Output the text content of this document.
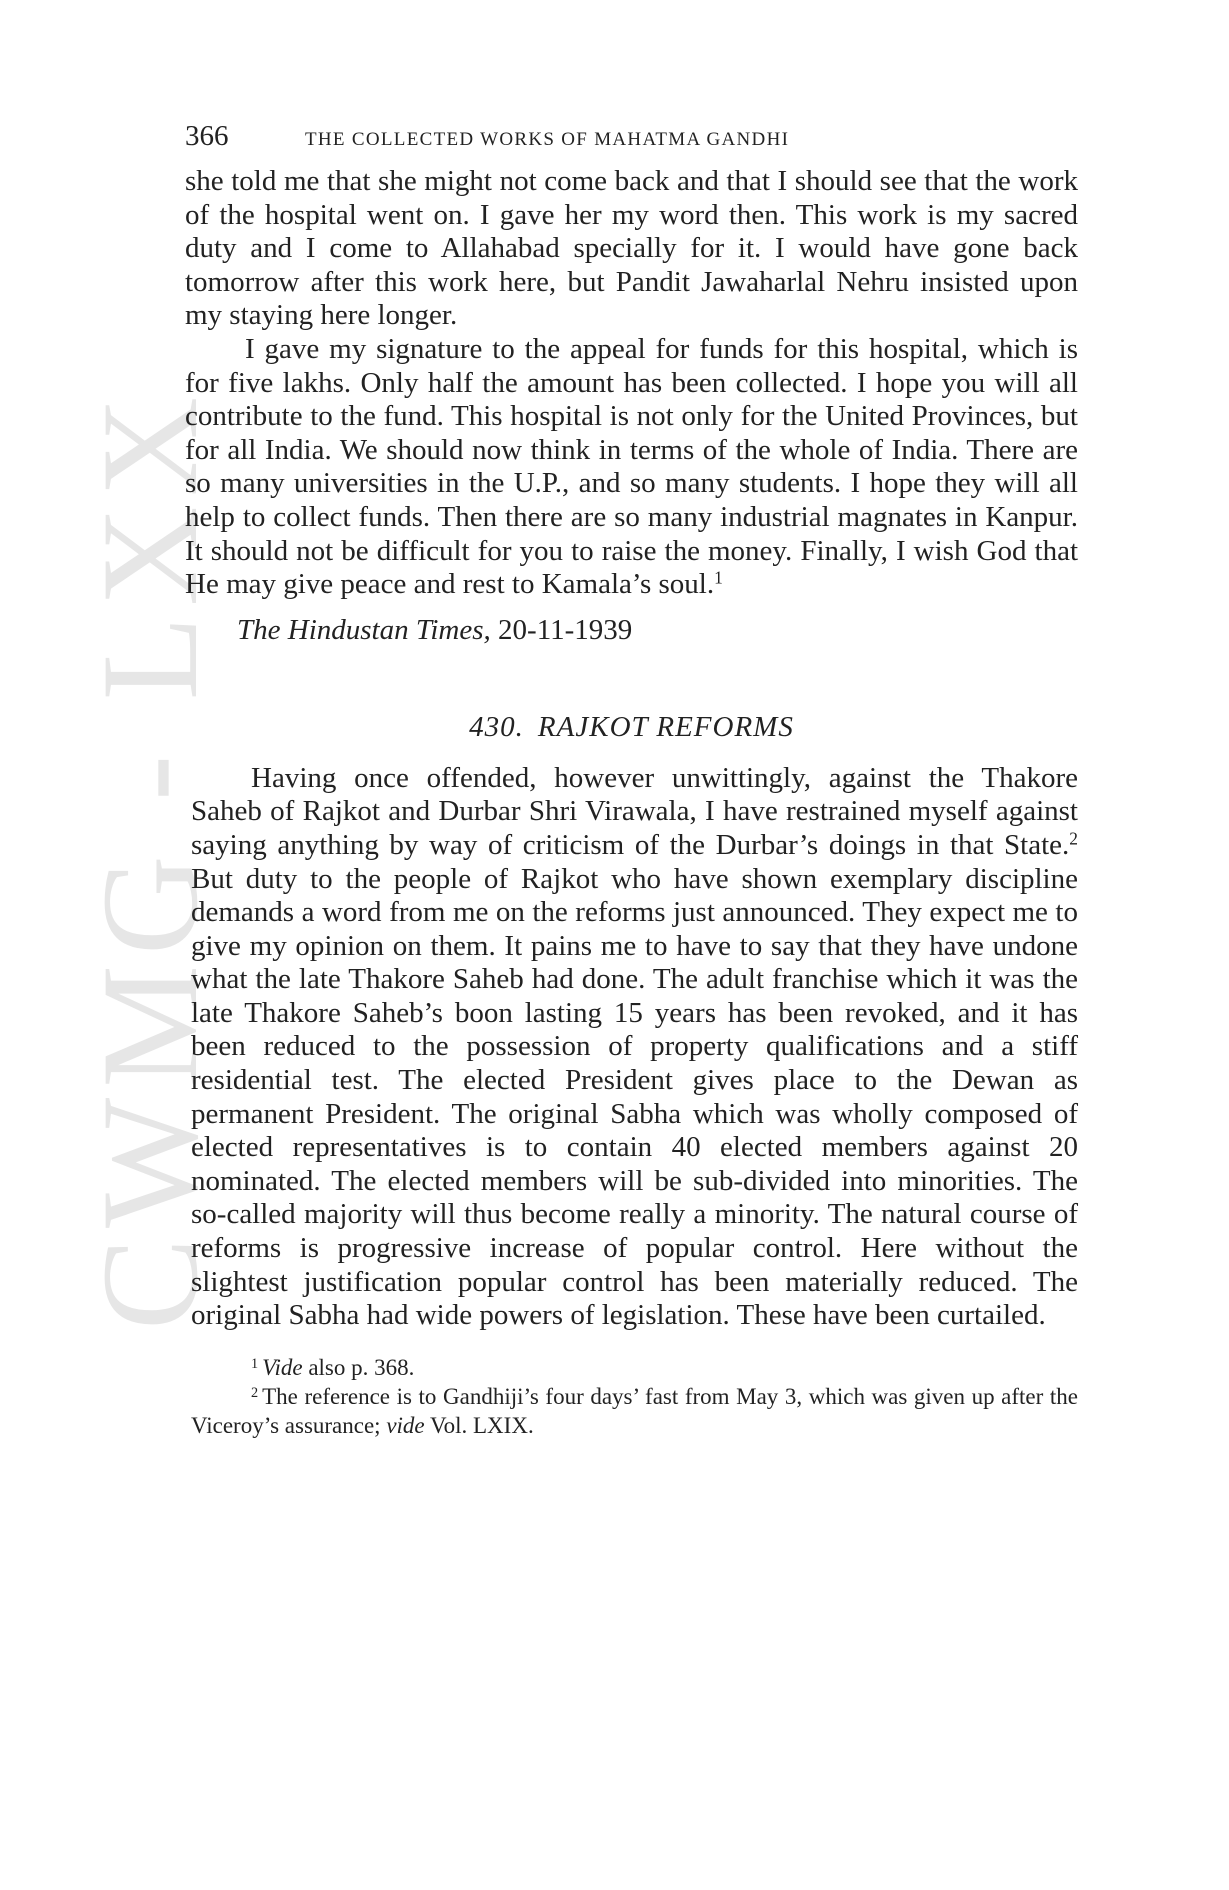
CWMG - LXX
366	THE COLLECTED WORKS OF MAHATMA GANDHI

she told me that she might not come back and that I should see that the work of the hospital went on. I gave her my word then. This work is my sacred duty and I come to Allahabad specially for it. I would have gone back tomorrow after this work here, but Pandit Jawaharlal Nehru insisted upon my staying here longer.

I gave my signature to the appeal for funds for this hospital, which is for five lakhs. Only half the amount has been collected. I hope you will all contribute to the fund. This hospital is not only for the United Provinces, but for all India. We should now think in terms of the whole of India. There are so many universities in the U.P., and so many students. I hope they will all help to collect funds. Then there are so many industrial magnates in Kanpur. It should not be difficult for you to raise the money. Finally, I wish God that He may give peace and rest to Kamala’s soul.$^1$

The Hindustan Times, 20-11-1939
430. RAJKOT REFORMS

Having once offended, however unwittingly, against the Thakore Saheb of Rajkot and Durbar Shri Virawala, I have restrained myself against saying anything by way of criticism of the Durbar’s doings in that State.$^2$ But duty to the people of Rajkot who have shown exemplary discipline demands a word from me on the reforms just announced. They expect me to give my opinion on them. It pains me to have to say that they have undone what the late Thakore Saheb had done. The adult franchise which it was the late Thakore Saheb’s boon lasting 15 years has been revoked, and it has been reduced to the possession of property qualifications and a stiff residential test. The elected President gives place to the Dewan as permanent President. The original Sabha which was wholly composed of elected representatives is to contain 40 elected members against 20 nominated. The elected members will be sub-divided into minorities. The so-called majority will thus become really a minority. The natural course of reforms is progressive increase of popular control. Here without the slightest justification popular control has been materially reduced. The original Sabha had wide powers of legislation. These have been curtailed.

$^1$ Vide also p. 368.

$^2$ The reference is to Gandhiji’s four days’ fast from May 3, which was given up after the Viceroy’s assurance; vide Vol. LXIX.
